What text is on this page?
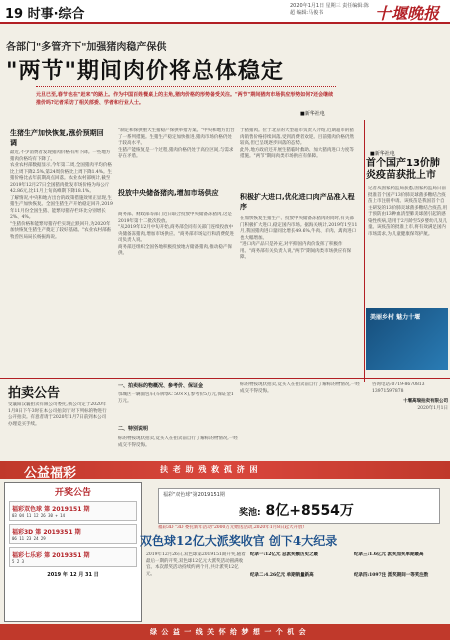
19 时事·综合
2020年1月1日 星期三 责任编辑:陈超 编辑:马俊书	十堰晚报
各部门"多管齐下"加强猪肉稳产保供
"两节"期间肉价将总体稳定
元旦已至,春节也在"赶来"的路上。作为中国百姓餐桌上的主角,猪肉价格的形势备受关注。"两节"期间猪肉市场供应形势如何?还会继续推价吗?记者采访了相关部委、学者和行业人士。
■新华社电
生猪生产加快恢复,涨价预期回调
最近,不少消费者发现猪肉价格有所下降。一些地方猪肉价格均有下降了。
农业农村部数据显示,今年第二周,全国猪肉平均价格比上周下降2.5%,第24周价格比上周下降1.4%。生猪价格比去年前期高点回落。农业农村部统计,截至2019年12月27日全国猪肉批发市场价格为每公斤42.86元,比11月上旬高峰期下降18.1%。
了解情况,中央和地方出台的政策措施效果正显现,生猪生产加快恢复。全国生猪生产开始稳定回升,2019年11月份全国生猪、能繁母猪存栏环比分别增长2%、4%。
"生猪价格和能繁母猪存栏实现止跌回升,为2020年加快恢复生猪生产奠定了较好基础。"农业农村部畜牧兽医局局长杨振海说。
"制定和保供重大生猪稳产保供举措方案。"中央和地方出台了一系列措施。生猪生产稳定加快推进,猪肉市场价格仍处于较高水平。
生猪产能恢复是一个过程,猪肉价格仍处于高位区间,与需求存在矛盾。
投放中央储备猪肉,增加市场供应
商务部、财政部等部门近日联合投放中央储备冻猪肉,这是2019年第十二批次投放。
"从2019年12月中旬开始,商务部会同有关部门连续投放中央储备冻猪肉,增加市场供应。"商务部市场运行和消费促进司负责人说。
商务部还组织全国各地积极投放地方储备猪肉,推动稳产保供。
于猪猪肉。位于北京的大型超市负责人介绍,近期超市的猪肉销售价格持续回落,受到消费者欢迎。目前猪肉价格仍然较高,但已呈现逐步回落的态势。
此外,地方政府还开展生猪临时救助、加大猪肉进口力度等措施。"两节"期间肉类市场供应有保障。
积极扩大进口,优化进口肉产品准入程序
在加快恢复生猪生产、投放中央储备冻猪肉的同时,有关部门积极扩大进口,稳定国内市场。据海关统计,2019年1至11月,我国猪肉进口量同比增长49.6%,牛肉、羊肉、禽肉进口也大幅增加。
"进口肉产品只是补充,对平抑国内肉价发挥了积极作用。"商务部有关负责人说,"两节"期间肉类市场供应有保障。
■新华社电
首个国产13价肺炎疫苗获批上市
记者从国家药监局获悉,国家药监局日前批准首个国产13价肺炎球菌多糖结合疫苗上市注册申请。该疫苗是我国首个自主研发的13价肺炎球菌多糖结合疫苗,用于预防由13种血清型肺炎球菌引起的感染性疾病,适用于2月龄至5岁婴幼儿及儿童。该疫苗的批准上市,将有效满足国内市场需求,为儿童健康保驾护航。
美丽乡村 魅力十堰
拍卖公告
受襄阳汉襄拍卖有限公司委托,我公司定于2020年1月8日下午3时在本公司拍卖厅对下列标的物进行公开拍卖。有意者请于2020年1月7日前到本公司办理竞买手续。
一、拍卖标的物概况、参考价、保证金
鄂城区一辆面包车(车牌鄂C 50××),参考价5万元,保证金1万元。
二、特别说明
标的物按现状拍卖,竞买人在拍卖前自行了解标的物情况,一经成交不得反悔。
标的物按现状拍卖,竞买人在拍卖前自行了解标的物情况,一经成交不得反悔。
咨询电话:0719-8670813 13971597878
十堰高瑞拍卖有限公司
2020年1月1日
公益福彩	扶 老 助 残 救 孤 济 困
开奖公告
福彩双色球 第 2019151 期
03 04 11 12 26 30 + 14
福彩3D 第 2019351 期
06 11 23 24 29
福彩七乐彩 第 2019351 期
5 2 3
2019 年 12 月 31 日
福彩"双色球"第2019151期
奖池: 8亿+8554万
福彩3D "3D 委托新年活动"2000万元赠送活动,2020年1月8日起大开放!
双色球12亿大派奖收官 创下4大纪录
2019年12月26日,双色球第2019151期开奖,随着最后一期的开奖,双色球12亿元大派奖活动圆满收官。本次派奖活动持续约两个月,共计派奖12亿元。
纪录一:12亿元 总派奖额历史之最
纪录二:4.26亿元 单期销量新高
纪录三:1.6亿元 派奖加奖单期最高
纪录四:1097注 派奖期间一等奖注数
绿 公 益 一 线 关 怀 给 梦 想 一 个 机 会
